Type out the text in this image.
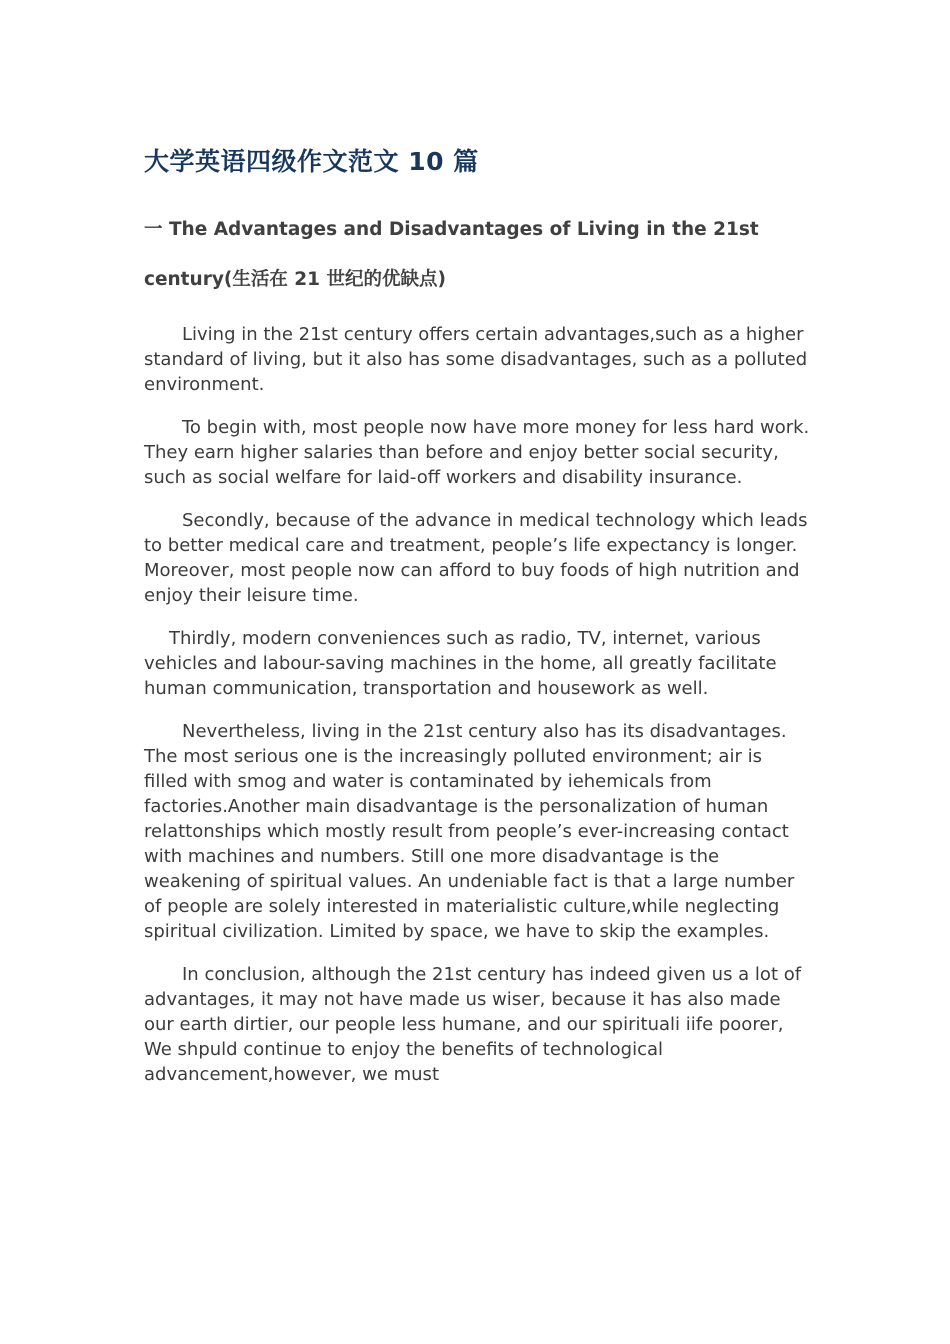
大学英语四级作文范文 10 篇
一 The Advantages and Disadvantages of Living in the 21st
century(生活在 21 世纪的优缺点)

Living in the 21st century offers certain advantages,such as a higher standard of living, but it also has some disadvantages, such as a polluted environment.

To begin with, most people now have more money for less hard work. They earn higher salaries than before and enjoy better social security, such as social welfare for laid-off workers and disability insurance.

Secondly, because of the advance in medical technology which leads to better medical care and treatment, people’s life expectancy is longer. Moreover, most people now can afford to buy foods of high nutrition and enjoy their leisure time.

Thirdly, modern conveniences such as radio, TV, internet, various vehicles and labour-saving machines in the home, all greatly facilitate human communication, transportation and housework as well.

Nevertheless, living in the 21st century also has its disadvantages. The most serious one is the increasingly polluted environment; air is filled with smog and water is contaminated by iehemicals from factories.Another main disadvantage is the personalization of human relattonships which mostly result from people’s ever-increasing contact with machines and numbers. Still one more disadvantage is the weakening of spiritual values. An undeniable fact is that a large number of people are solely interested in materialistic culture,while neglecting spiritual civilization. Limited by space, we have to skip the examples.

In conclusion, although the 21st century has indeed given us a lot of advantages, it may not have made us wiser, because it has also made our earth dirtier, our people less humane, and our spirituali iife poorer, We shpuld continue to enjoy the benefits of technological advancement,however, we must
